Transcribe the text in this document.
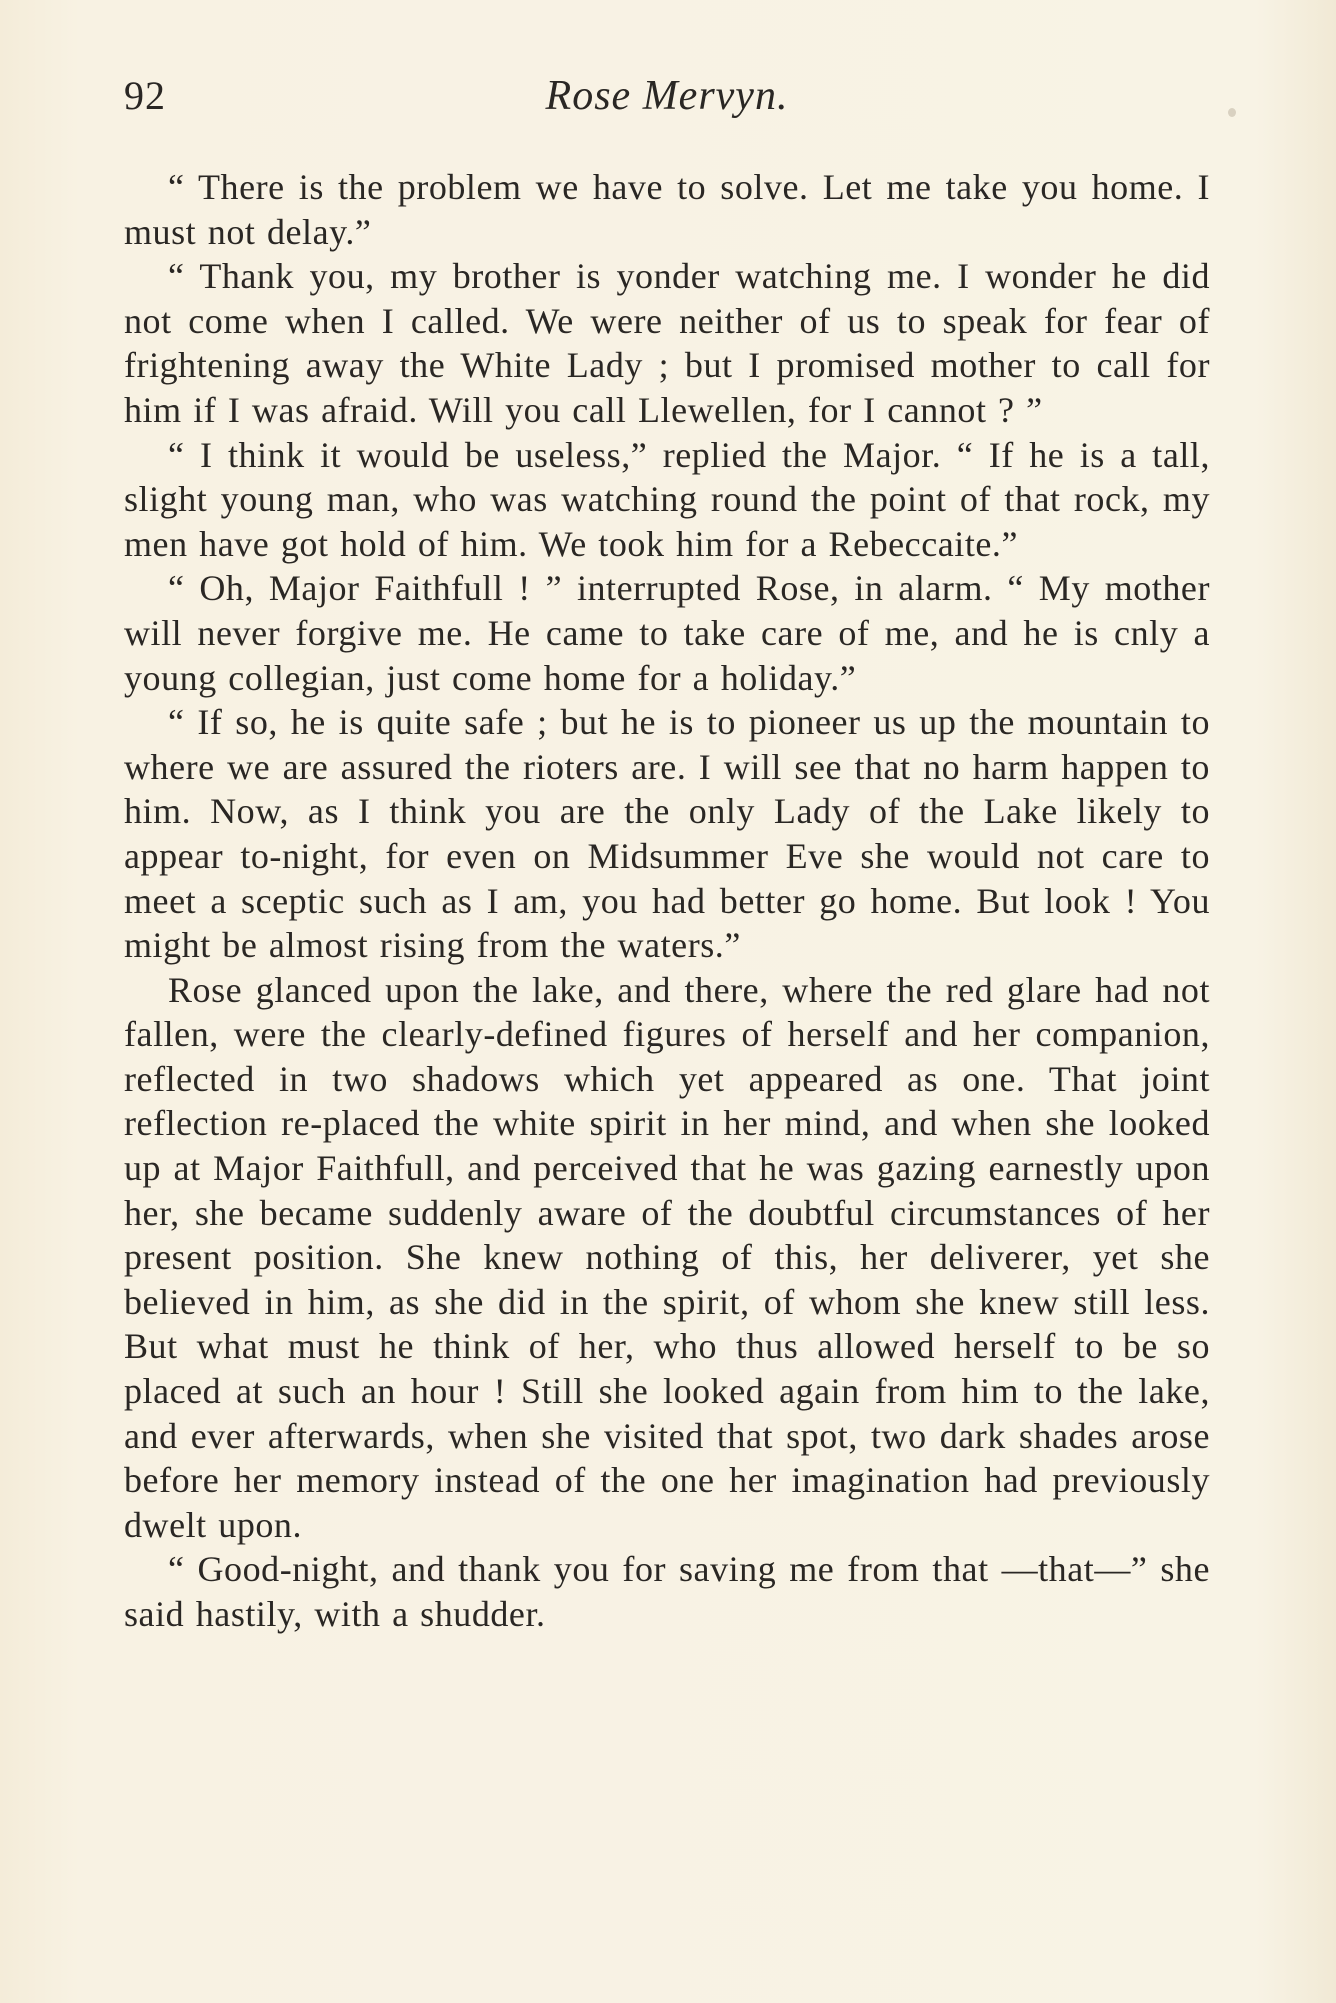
92	Rose Mervyn.

“ There is the problem we have to solve. Let me take you home. I must not delay.”

“ Thank you, my brother is yonder watching me. I wonder he did not come when I called. We were neither of us to speak for fear of frightening away the White Lady ; but I promised mother to call for him if I was afraid. Will you call Llewellen, for I cannot ? ”

“ I think it would be useless,” replied the Major. “ If he is a tall, slight young man, who was watching round the point of that rock, my men have got hold of him. We took him for a Rebeccaite.”

“ Oh, Major Faithfull ! ” interrupted Rose, in alarm. “ My mother will never forgive me. He came to take care of me, and he is cnly a young collegian, just come home for a holiday.”

“ If so, he is quite safe ; but he is to pioneer us up the mountain to where we are assured the rioters are. I will see that no harm happen to him. Now, as I think you are the only Lady of the Lake likely to appear to-night, for even on Midsummer Eve she would not care to meet a sceptic such as I am, you had better go home. But look ! You might be almost rising from the waters.”

Rose glanced upon the lake, and there, where the red glare had not fallen, were the clearly-defined figures of herself and her companion, reflected in two shadows which yet appeared as one. That joint reflection re-placed the white spirit in her mind, and when she looked up at Major Faithfull, and perceived that he was gazing earnestly upon her, she became suddenly aware of the doubtful circumstances of her present position. She knew nothing of this, her deliverer, yet she believed in him, as she did in the spirit, of whom she knew still less. But what must he think of her, who thus allowed herself to be so placed at such an hour ! Still she looked again from him to the lake, and ever afterwards, when she visited that spot, two dark shades arose before her memory instead of the one her imagination had previously dwelt upon.

“ Good-night, and thank you for saving me from that —that—” she said hastily, with a shudder.
